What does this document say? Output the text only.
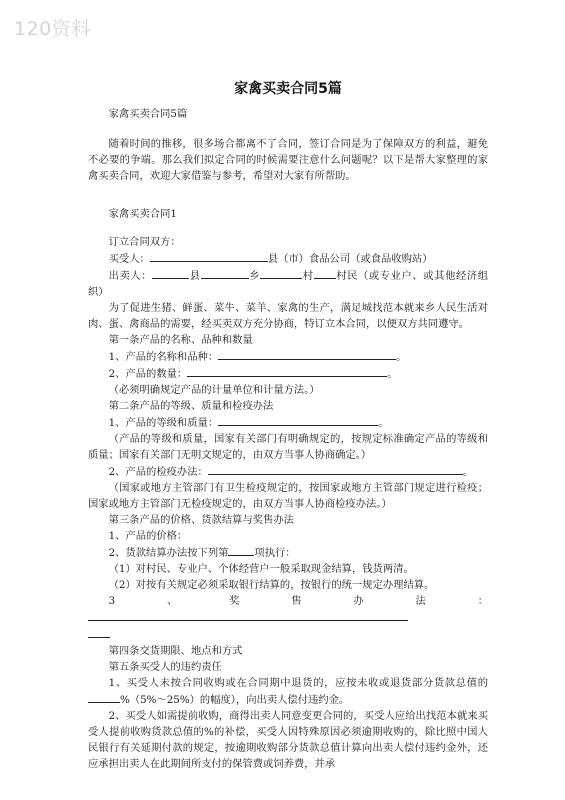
120资料
家禽买卖合同5篇

家禽买卖合同5篇

随着时间的推移，很多场合都离不了合同，签订合同是为了保障双方的利益，避免不必要的争端。那么我们拟定合同的时候需要注意什么问题呢？以下是帮大家整理的家禽买卖合同，欢迎大家借鉴与参考，希望对大家有所帮助。

家禽买卖合同1

订立合同双方：

买受人：	县（市）食品公司（或食品收购站）

出卖人：	县	乡	村 村民（或专业户、或其他经济组织）

为了促进生猪、鲜蛋、菜牛、菜羊、家禽的生产，满足城找范本就来乡人民生活对肉、蛋、禽商品的需要，经买卖双方充分协商，特订立本合同，以便双方共同遵守。

第一条产品的名称、品种和数量

1、产品的名称和品种：	。

2、产品的数量：	。

（必须明确规定产品的计量单位和计量方法。）

第二条产品的等级、质量和检疫办法

1、产品的等级和质量：	。

（产品的等级和质量，国家有关部门有明确规定的，按规定标准确定产品的等级和质量；国家有关部门无明文规定的，由双方当事人协商确定。）

2、产品的检疫办法：	。

（国家或地方主管部门有卫生检疫规定的，按国家或地方主管部门规定进行检疫；国家或地方主管部门无检疫规定的，由双方当事人协商检疫办法。）

第三条产品的价格、货款结算与奖售办法

1、产品的价格：

2、货款结算办法按下列第	项执行：

（1）对村民、专业户、个体经营户一般采取现金结算，钱货两清。

（2）对按有关规定必须采取银行结算的，按银行的统一规定办理结算。

3、奖售办法：

第四条交货期限、地点和方式

第五条买受人的违约责任

1、买受人未按合同收购或在合同期中退货的，应按未收或退货部分货款总值的%（5%～25%）的幅度），向出卖人偿付违约金。

2、买受人如需提前收购，商得出卖人同意变更合同的，买受人应给出找范本就来买受人提前收购货款总值的%的补偿，买受人因特殊原因必须逾期收购的，除比照中国人民银行有关延期付款的规定，按逾期收购部分货款总值计算向出卖人偿付违约金外，还应承担出卖人在此期间所支付的保管费或饲养费，并承
